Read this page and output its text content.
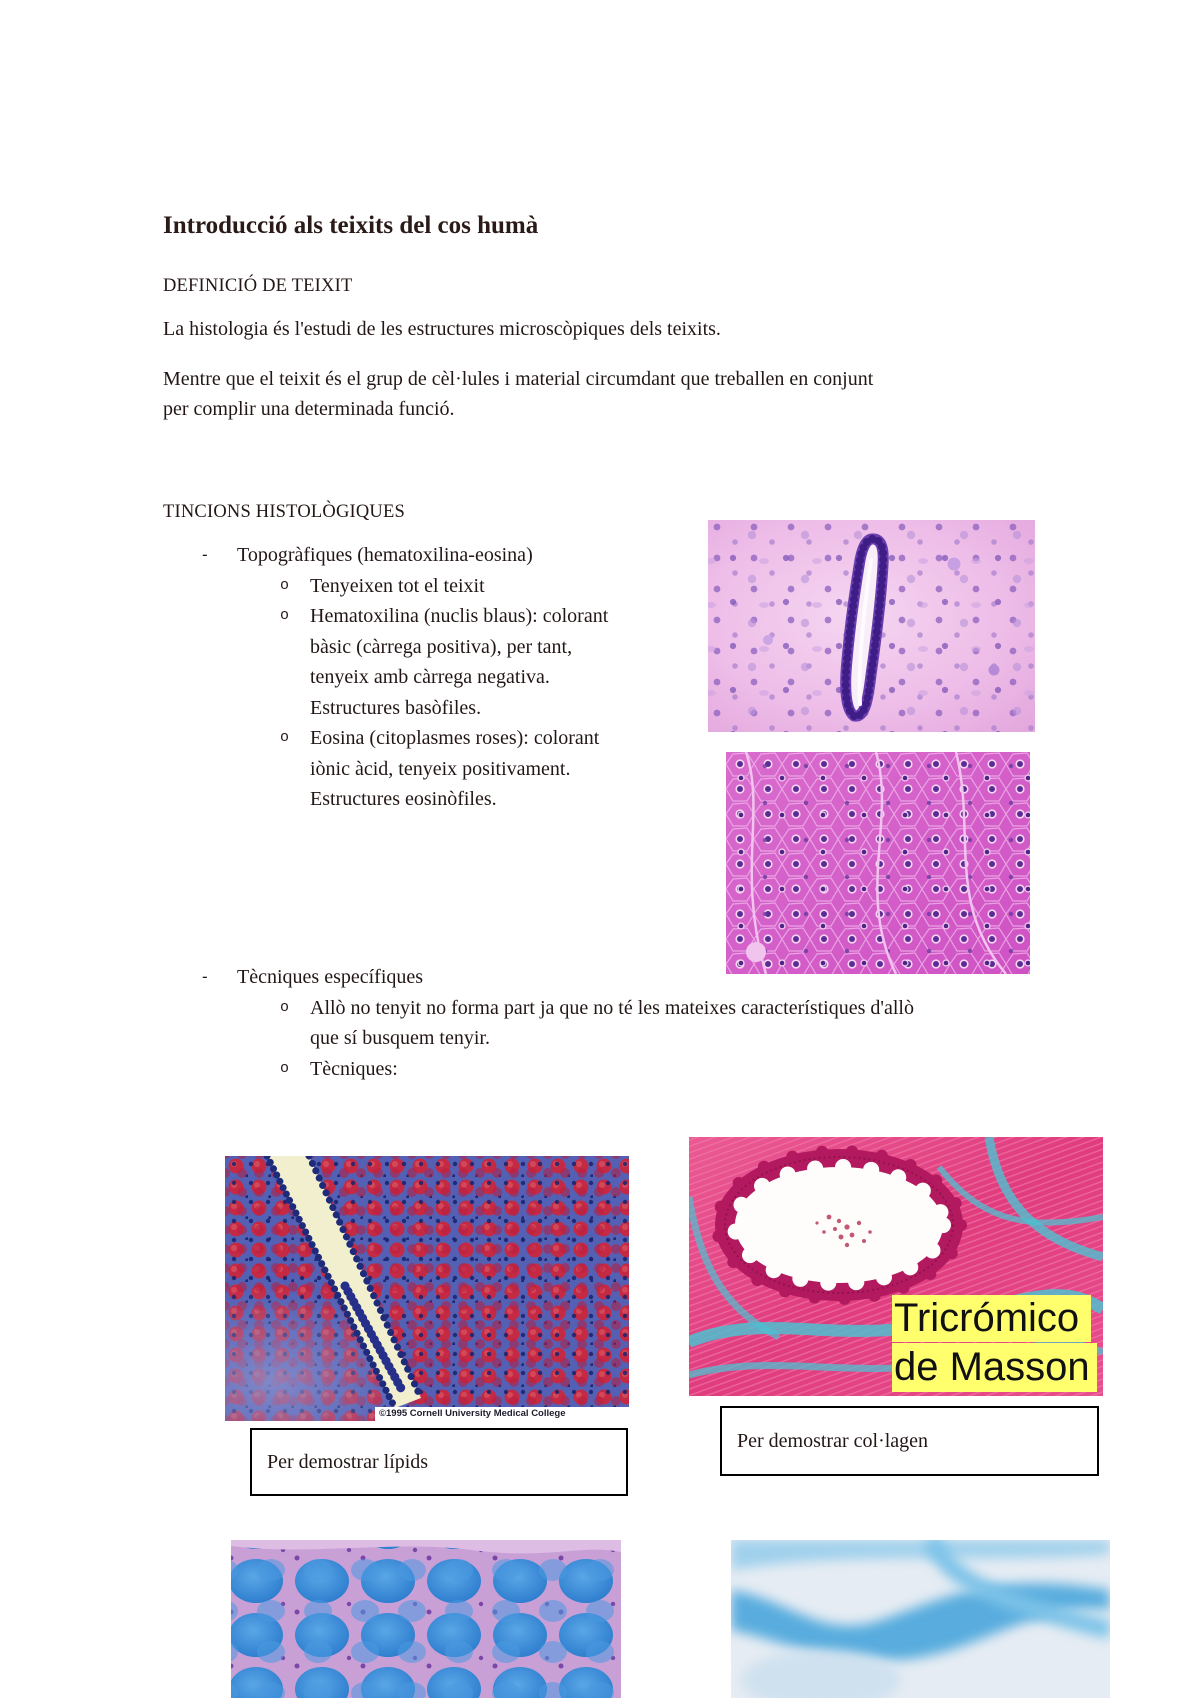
Introducció als teixits del cos humà
DEFINICIÓ DE TEIXIT

La histologia és l'estudi de les estructures microscòpiques dels teixits.

Mentre que el teixit és el grup de cèl·lules i material circumdant que treballen en conjunt
per complir una determinada funció.
TINCIONS HISTOLÒGIQUES
- Topogràfiques (hematoxilina-eosina)
o Tenyeixen tot el teixit
o Hematoxilina (nuclis blaus): colorant
bàsic (càrrega positiva), per tant,
tenyeix amb càrrega negativa.
Estructures basòfiles.
o Eosina (citoplasmes roses): colorant
iònic àcid, tenyeix positivament.
Estructures eosinòfiles.
- Tècniques específiques
o Allò no tenyit no forma part ja que no té les mateixes característiques d'allò
que sí busquem tenyir.
o Tècniques:
©1995 Cornell University Medical College
Per demostrar lípids
Tricrómico
de Masson
Per demostrar col·lagen
